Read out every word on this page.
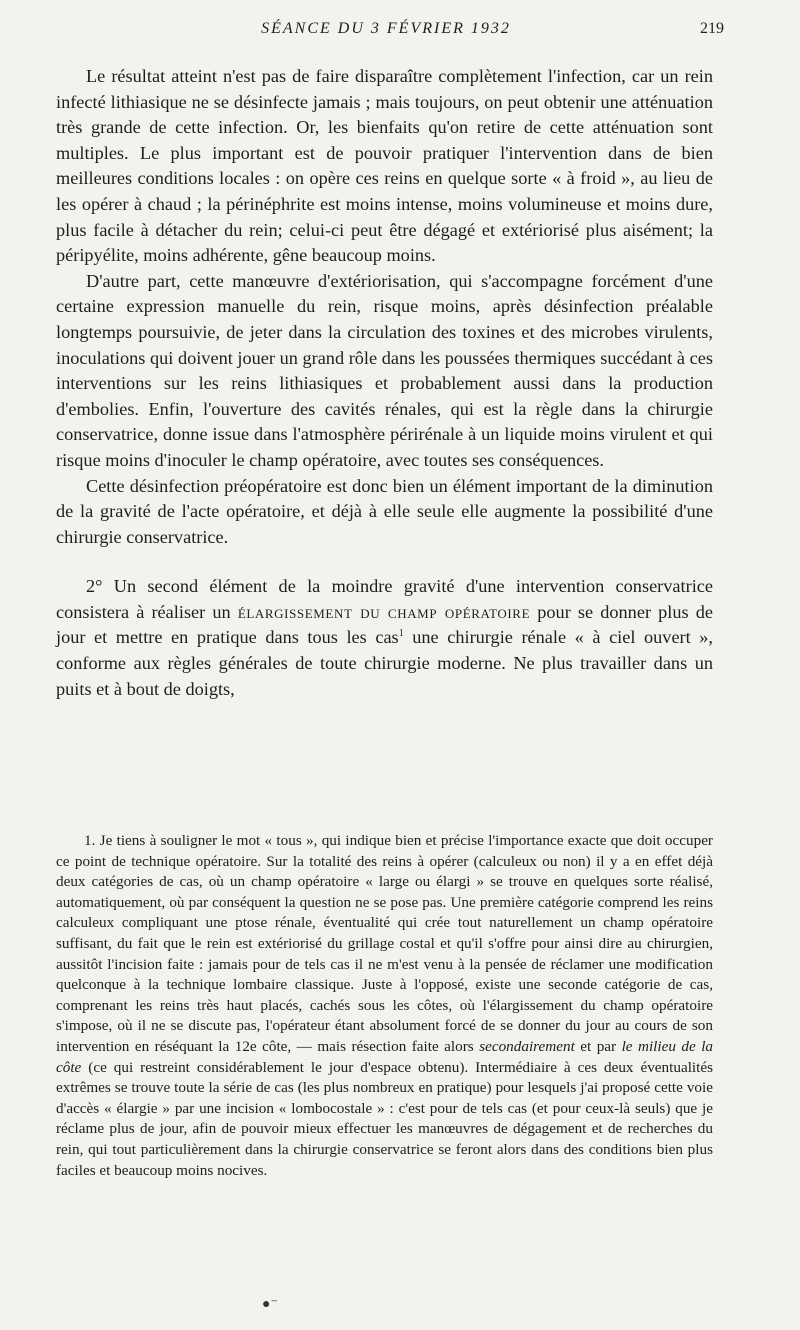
SÉANCE DU 3 FÉVRIER 1932	219

Le résultat atteint n'est pas de faire disparaître complètement l'infection, car un rein infecté lithiasique ne se désinfecte jamais ; mais toujours, on peut obtenir une atténuation très grande de cette infection. Or, les bienfaits qu'on retire de cette atténuation sont multiples. Le plus important est de pouvoir pratiquer l'intervention dans de bien meilleures conditions locales : on opère ces reins en quelque sorte « à froid », au lieu de les opérer à chaud ; la périnéphrite est moins intense, moins volumineuse et moins dure, plus facile à détacher du rein; celui-ci peut être dégagé et extériorisé plus aisément; la péripyélite, moins adhérente, gêne beaucoup moins.

D'autre part, cette manœuvre d'extériorisation, qui s'accompagne forcément d'une certaine expression manuelle du rein, risque moins, après désinfection préalable longtemps poursuivie, de jeter dans la circulation des toxines et des microbes virulents, inoculations qui doivent jouer un grand rôle dans les poussées thermiques succédant à ces interventions sur les reins lithiasiques et probablement aussi dans la production d'embolies. Enfin, l'ouverture des cavités rénales, qui est la règle dans la chirurgie conservatrice, donne issue dans l'atmosphère périrénale à un liquide moins virulent et qui risque moins d'inoculer le champ opératoire, avec toutes ses conséquences.

Cette désinfection préopératoire est donc bien un élément important de la diminution de la gravité de l'acte opératoire, et déjà à elle seule elle augmente la possibilité d'une chirurgie conservatrice.

2° Un second élément de la moindre gravité d'une intervention conservatrice consistera à réaliser un élargissement du champ opératoire pour se donner plus de jour et mettre en pratique dans tous les cas$^1$ une chirurgie rénale « à ciel ouvert », conforme aux règles générales de toute chirurgie moderne. Ne plus travailler dans un puits et à bout de doigts,

1. Je tiens à souligner le mot « tous », qui indique bien et précise l'importance exacte que doit occuper ce point de technique opératoire. Sur la totalité des reins à opérer (calculeux ou non) il y a en effet déjà deux catégories de cas, où un champ opératoire « large ou élargi » se trouve en quelques sorte réalisé, automatiquement, où par conséquent la question ne se pose pas. Une première catégorie comprend les reins calculeux compliquant une ptose rénale, éventualité qui crée tout naturellement un champ opératoire suffisant, du fait que le rein est extériorisé du grillage costal et qu'il s'offre pour ainsi dire au chirurgien, aussitôt l'incision faite : jamais pour de tels cas il ne m'est venu à la pensée de réclamer une modification quelconque à la technique lombaire classique. Juste à l'opposé, existe une seconde catégorie de cas, comprenant les reins très haut placés, cachés sous les côtes, où l'élargissement du champ opératoire s'impose, où il ne se discute pas, l'opérateur étant absolument forcé de se donner du jour au cours de son intervention en réséquant la 12e côte, — mais résection faite alors secondairement et par le milieu de la côte (ce qui restreint considérablement le jour d'espace obtenu). Intermédiaire à ces deux éventualités extrêmes se trouve toute la série de cas (les plus nombreux en pratique) pour lesquels j'ai proposé cette voie d'accès « élargie » par une incision « lombocostale » : c'est pour de tels cas (et pour ceux-là seuls) que je réclame plus de jour, afin de pouvoir mieux effectuer les manœuvres de dégagement et de recherches du rein, qui tout particulièrement dans la chirurgie conservatrice se feront alors dans des conditions bien plus faciles et beaucoup moins nocives.

●⁻
